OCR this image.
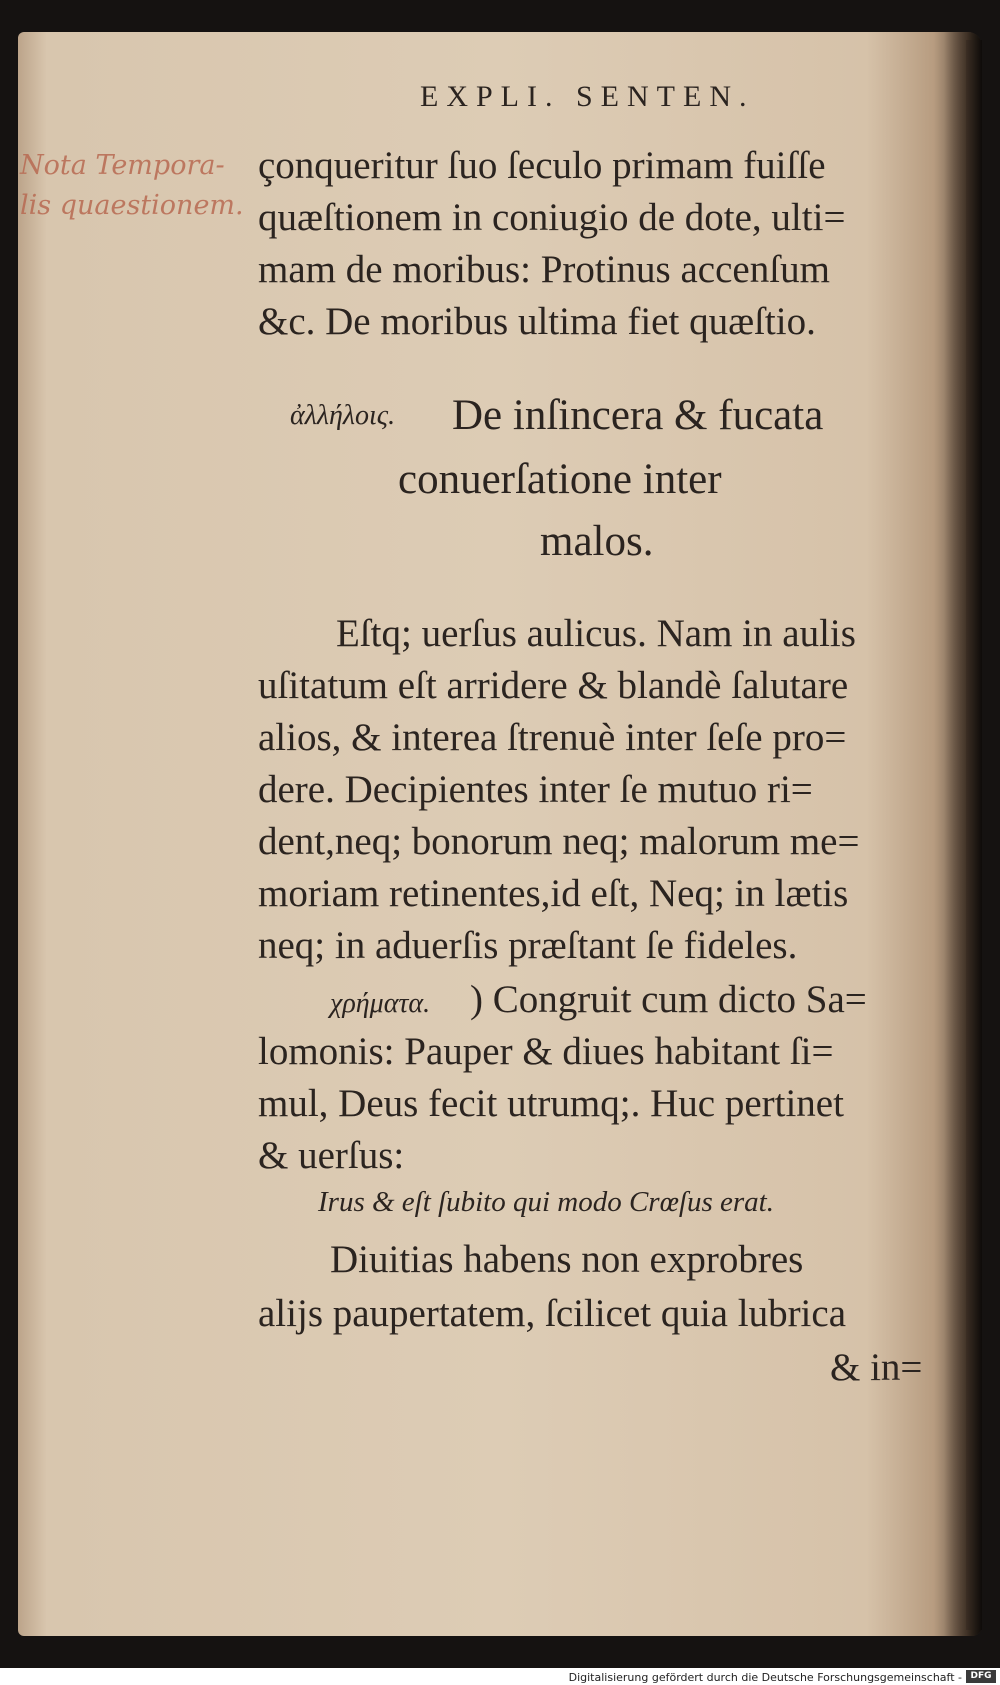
EXPLI. SENTEN.
Nota Tempora-
lis quaestionem.
çonqueritur ſuo ſeculo primam fuiſſe
quæſtionem in coniugio de dote, ulti=
mam de moribus: Protinus accenſum
&c. De moribus ultima fiet quæſtio.
ἀλλήλοις. De inſincera & fucata
conuerſatione inter
malos.
Eſtq; uerſus aulicus. Nam in aulis
uſitatum eſt arridere & blandè ſalutare
alios, & interea ſtrenuè inter ſeſe pro=
dere. Decipientes inter ſe mutuo ri=
dent,neq; bonorum neq; malorum me=
moriam retinentes,id eſt, Neq; in lætis
neq; in aduerſis præſtant ſe fideles.
χρήματα. ) Congruit cum dicto Sa=
lomonis: Pauper & diues habitant ſi=
mul, Deus fecit utrumq;. Huc pertinet
& uerſus:
Irus & eſt ſubito qui modo Crœſus erat.
Diuitias habens non exprobres
alijs paupertatem, ſcilicet quia lubrica
& in=
Digitalisierung gefördert durch die Deutsche Forschungsgemeinschaft - DFG
